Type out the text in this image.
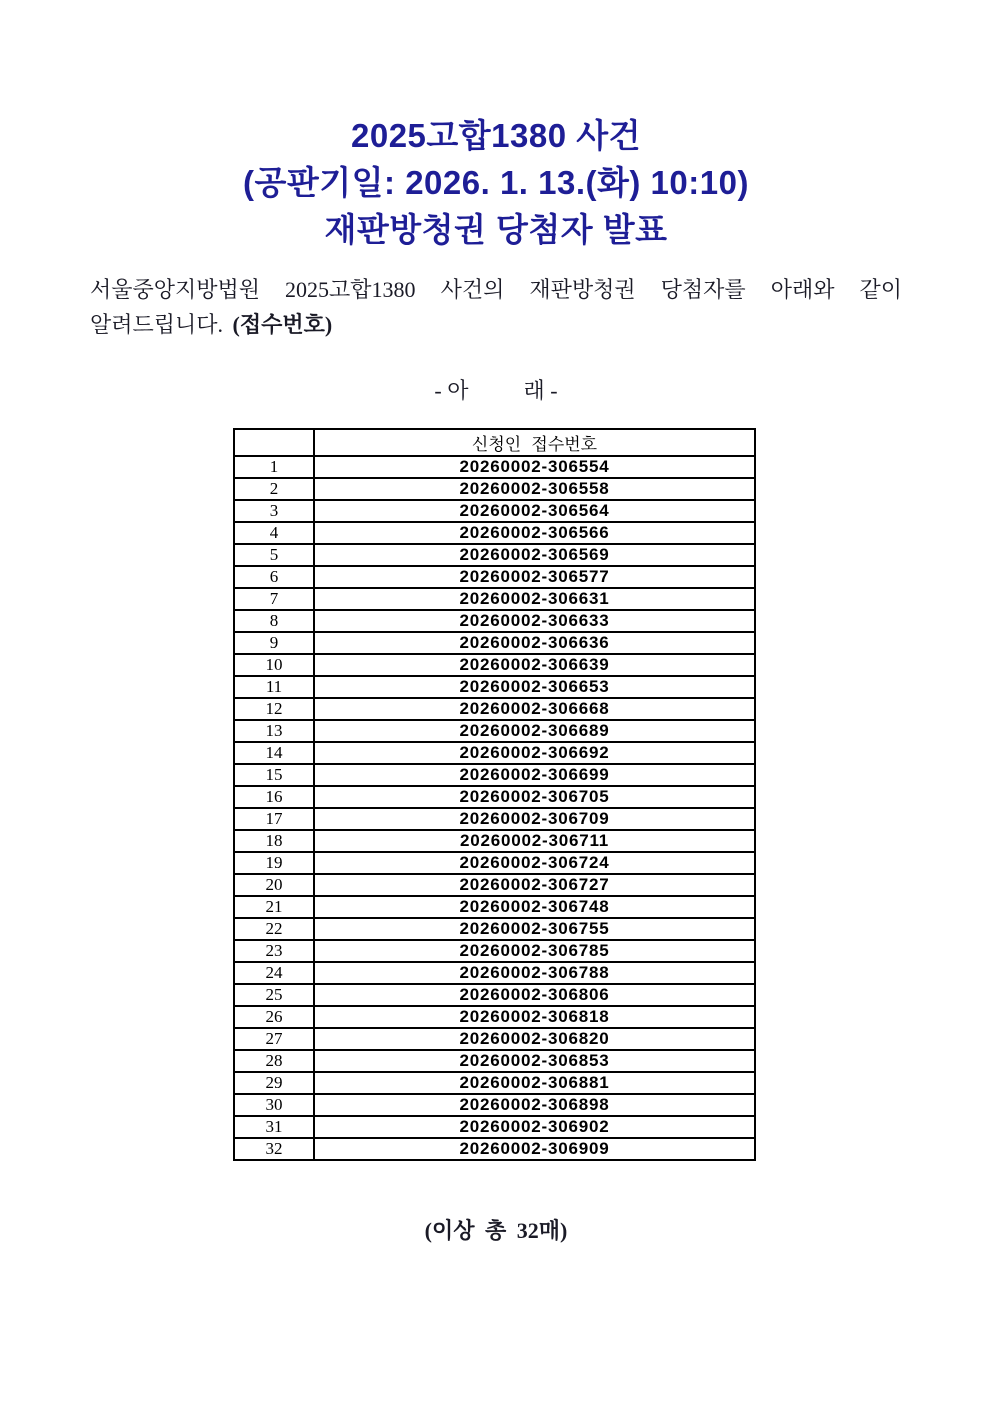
2025고합1380 사건
(공판기일: 2026. 1. 13.(화) 10:10)
재판방청권 당첨자 발표
서울중앙지방법원 2025고합1380 사건의 재판방청권 당첨자를 아래와 같이
알려드립니다. (접수번호)
- 아          래 -
	신청인 접수번호
1	20260002-306554
2	20260002-306558
3	20260002-306564
4	20260002-306566
5	20260002-306569
6	20260002-306577
7	20260002-306631
8	20260002-306633
9	20260002-306636
10	20260002-306639
11	20260002-306653
12	20260002-306668
13	20260002-306689
14	20260002-306692
15	20260002-306699
16	20260002-306705
17	20260002-306709
18	20260002-306711
19	20260002-306724
20	20260002-306727
21	20260002-306748
22	20260002-306755
23	20260002-306785
24	20260002-306788
25	20260002-306806
26	20260002-306818
27	20260002-306820
28	20260002-306853
29	20260002-306881
30	20260002-306898
31	20260002-306902
32	20260002-306909
(이상 총 32매)
